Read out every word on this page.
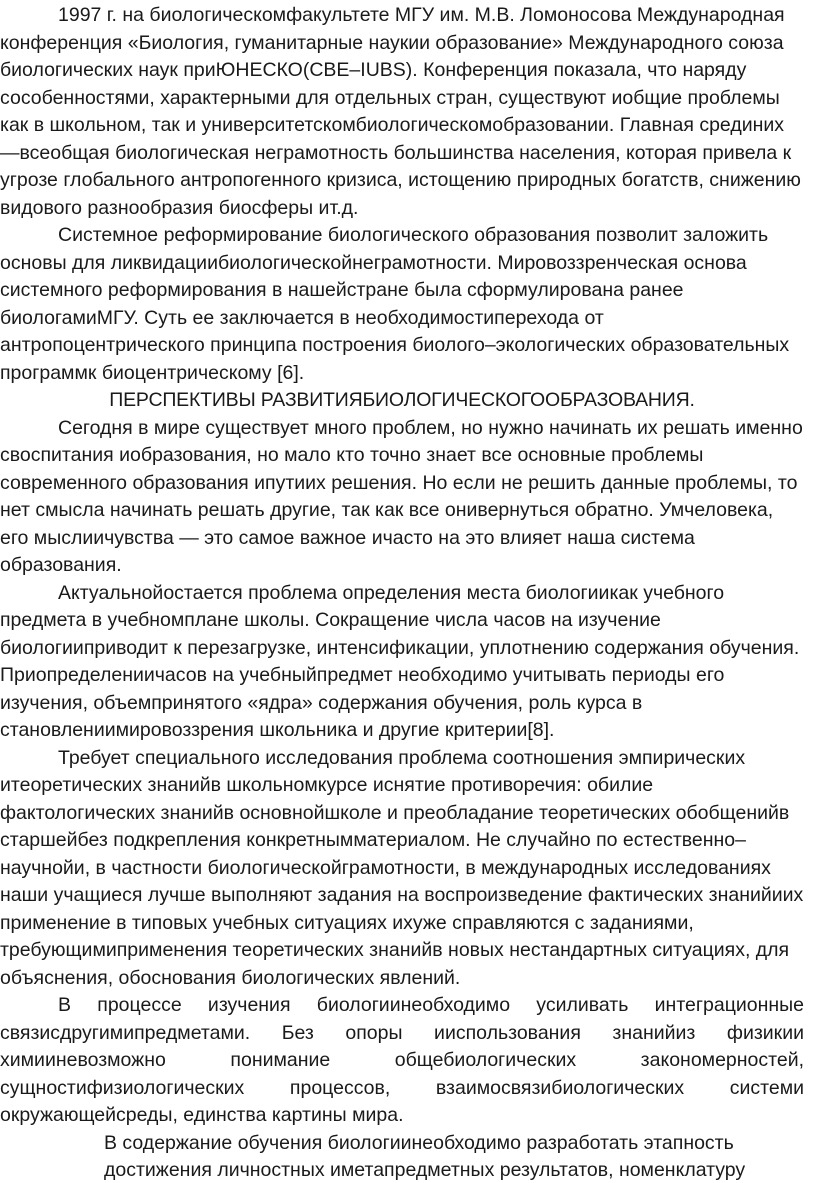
1997 г. на биологическомфакультете МГУ им. М.В. Ломоносова Международная конференция «Биология, гуманитарные наукии образование» Международного союза биологических наук приЮНЕСКО(СВЕ–IUBS). Конференция показала, что наряду сособенностями, характерными для отдельных стран, существуют иобщие проблемы как в школьном, так и университетскомбиологическомобразовании. Главная срединих —всеобщая биологическая неграмотность большинства населения, которая привела к угрозе глобального антропогенного кризиса, истощению природных богатств, снижению видового разнообразия биосферы ит.д.

Системное реформирование биологического образования позволит заложить основы для ликвидациибиологическойнеграмотности. Мировоззренческая основа системного реформирования в нашейстране была сформулирована ранее биологамиМГУ. Суть ее заключается в необходимостиперехода от антропоцентрического принципа построения биолого–экологических образовательных программк биоцентрическому [6].

ПЕРСПЕКТИВЫ РАЗВИТИЯБИОЛОГИЧЕСКОГООБРАЗОВАНИЯ.

Сегодня в мире существует много проблем, но нужно начинать их решать именно своспитания иобразования, но мало кто точно знает все основные проблемы современного образования ипутиих решения. Но если не решить данные проблемы, то нет смысла начинать решать другие, так как все онивернуться обратно. Умчеловека, его мыслиичувства — это самое важное ичасто на это влияет наша система образования.

Актуальнойостается проблема определения места биологиикак учебного предмета в учебномплане школы. Сокращение числа часов на изучение биологииприводит к перезагрузке, интенсификации, уплотнению содержания обучения. Приопределениичасов на учебныйпредмет необходимо учитывать периоды его изучения, объемпринятого «ядра» содержания обучения, роль курса в становлениимировоззрения школьника и другие критерии[8].

Требует специального исследования проблема соотношения эмпирических итеоретических знанийв школьномкурсе иснятие противоречия: обилие фактологических знанийв основнойшколе и преобладание теоретических обобщенийв старшейбез подкрепления конкретнымматериалом. Не случайно по естественно–научнойи, в частности биологическойграмотности, в международных исследованиях наши учащиеся лучше выполняют задания на воспроизведение фактических знанийиих применение в типовых учебных ситуациях ихуже справляются с заданиями, требующимиприменения теоретических знанийв новых нестандартных ситуациях, для объяснения, обоснования биологических явлений.

В процессе изучения биологиинеобходимо усиливать интеграционные связисдругимипредметами. Без опоры ииспользования знанийиз физикии химииневозможно понимание общебиологических закономерностей, сущностифизиологических процессов, взаимосвязибиологических системи окружающейсреды, единства картины мира.

В содержание обучения биологиинеобходимо разработать этапность достижения личностных иметапредметных результатов, номенклатуру
